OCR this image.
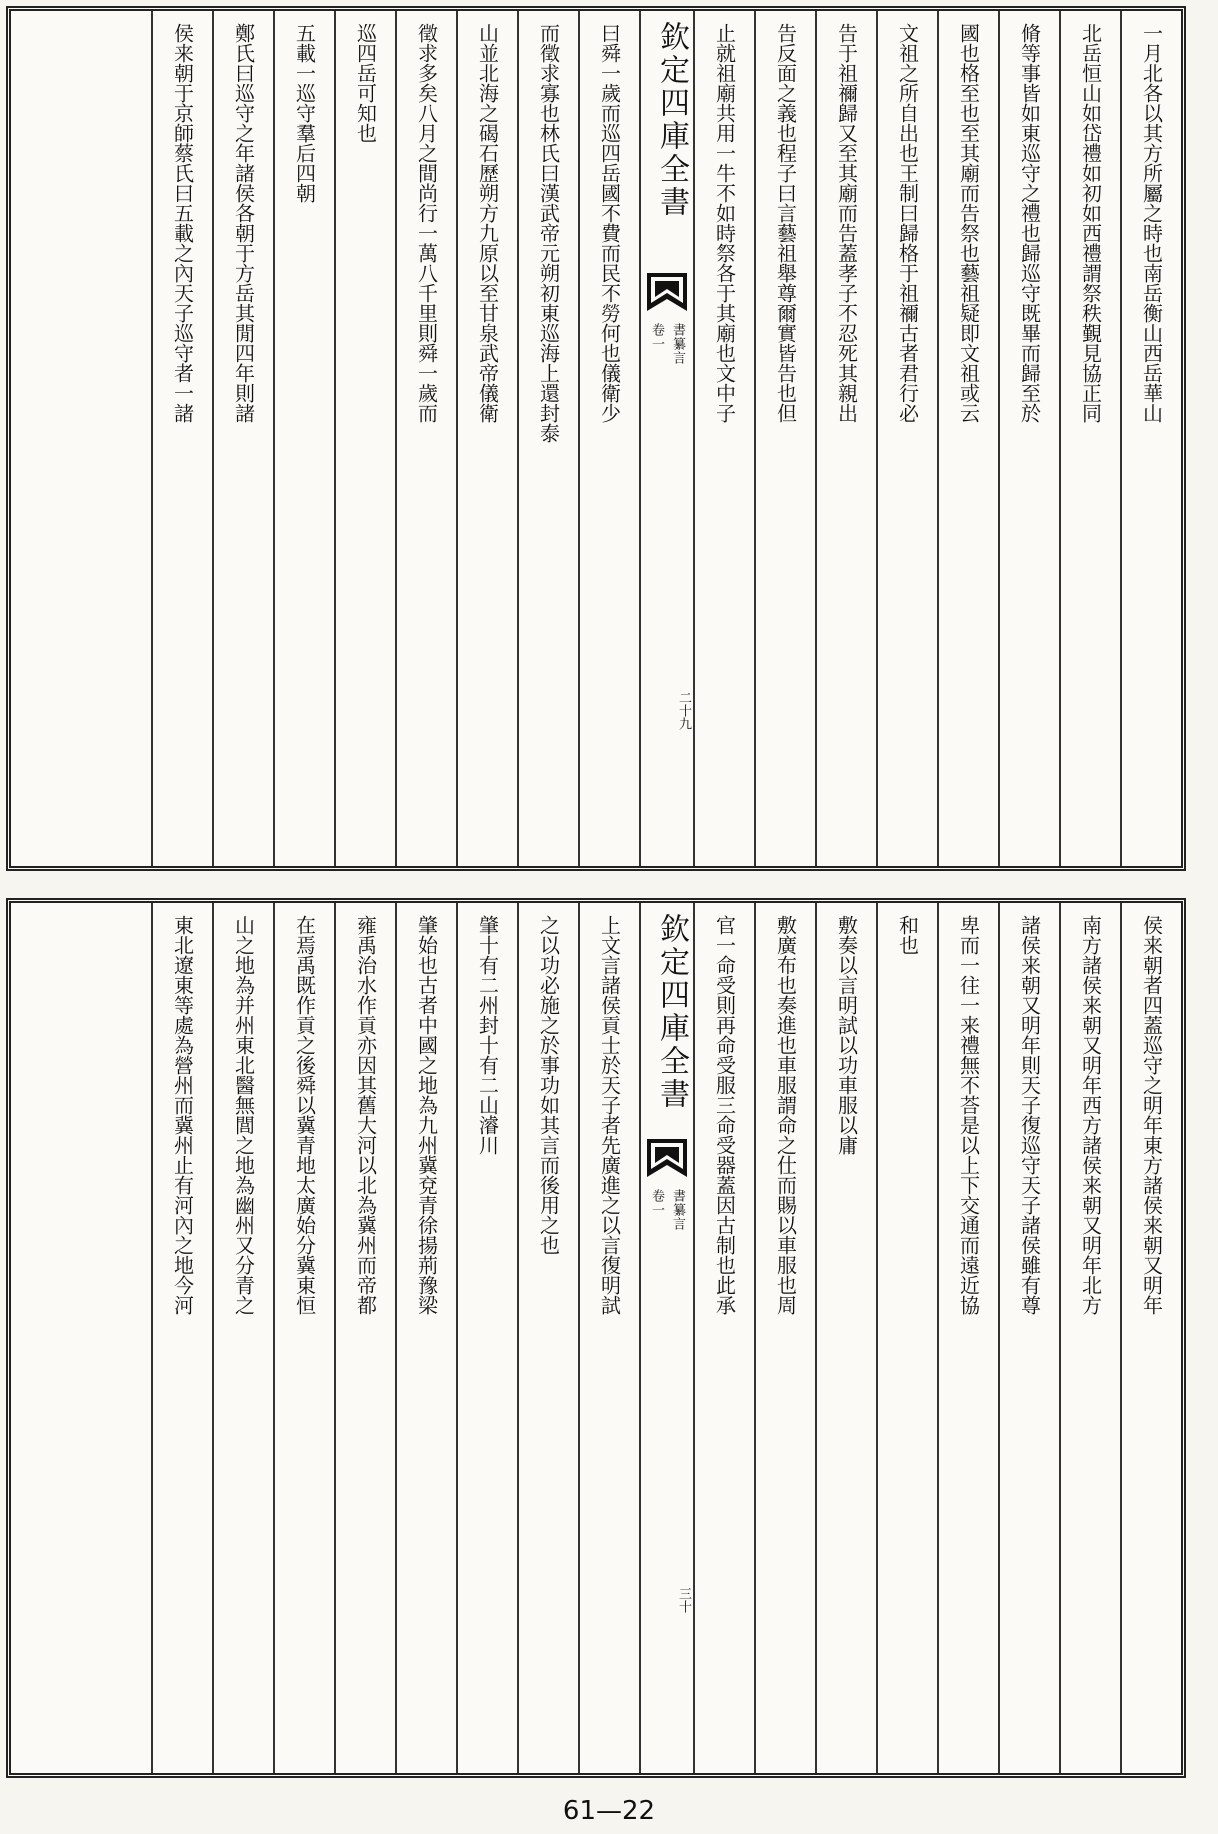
一月北各以其方所屬之時也南岳衡山西岳華山
北岳恒山如岱禮如初如西禮謂祭秩覲見協正同
脩等事皆如東巡守之禮也歸巡守既畢而歸至於
國也格至也至其廟而告祭也藝祖疑即文祖或云
文祖之所自出也王制曰歸格于祖禰古者君行必
告于祖禰歸又至其廟而告蓋孝子不忍死其親出
告反面之義也程子曰言藝祖舉尊爾實皆告也但
止就祖廟共用一牛不如時祭各于其廟也文中子
欽定四庫全書
書纂言
卷一
二十九
曰舜一歲而巡四岳國不費而民不勞何也儀衛少
而徵求寡也林氏曰漢武帝元朔初東巡海上還封泰
山並北海之碣石歷朔方九原以至甘泉武帝儀衛
徵求多矣八月之間尚行一萬八千里則舜一歲而
巡四岳可知也
五載一巡守羣后四朝
鄭氏曰巡守之年諸侯各朝于方岳其閒四年則諸
侯来朝于京師蔡氏曰五載之內天子巡守者一諸
侯来朝者四蓋巡守之明年東方諸侯来朝又明年
南方諸侯来朝又明年西方諸侯来朝又明年北方
諸侯来朝又明年則天子復巡守天子諸侯雖有尊
卑而一往一来禮無不荅是以上下交通而遠近協
和也
敷奏以言明試以功車服以庸
敷廣布也奏進也車服謂命之仕而賜以車服也周
官一命受則再命受服三命受器蓋因古制也此承
欽定四庫全書
書纂言
卷一
三十
上文言諸侯貢士於天子者先廣進之以言復明試
之以功必施之於事功如其言而後用之也
肇十有二州封十有二山濬川
肇始也古者中國之地為九州冀兗青徐揚荊豫梁
雍禹治水作貢亦因其舊大河以北為冀州而帝都
在焉禹既作貢之後舜以冀青地太廣始分冀東恒
山之地為并州東北醫無閭之地為幽州又分青之
東北遼東等處為營州而冀州止有河內之地今河
61—22
